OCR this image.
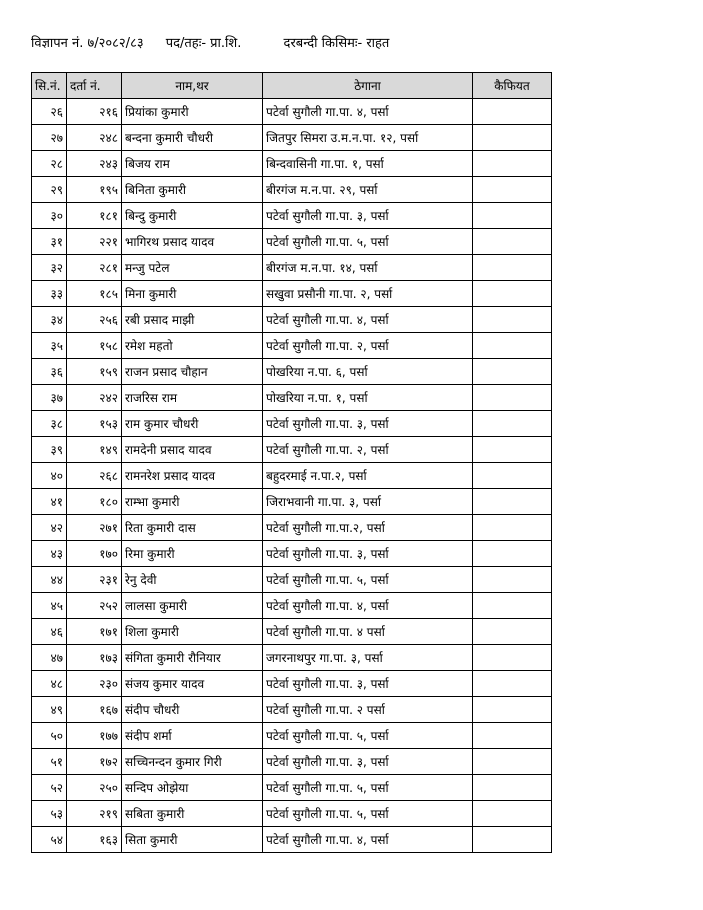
विज्ञापन नं. ७/२०८२/८३ पद/तहः- प्रा.शि.	दरबन्दी किसिमः- राहत
सि.नं.	दर्ता नं.	नाम,थर	ठेगाना	कैफियत
२६	२१६	प्रियांका कुमारी	पटेर्वा सुगौली गा.पा. ४, पर्सा	
२७	२४८	बन्दना कुमारी चौधरी	जितपुर सिमरा उ.म.न.पा. १२, पर्सा	
२८	२४३	बिजय राम	बिन्दवासिनी गा.पा. १, पर्सा	
२९	१९५	बिनिता कुमारी	बीरगंज म.न.पा. २९, पर्सा	
३०	१८१	बिन्दु कुमारी	पटेर्वा सुगौली गा.पा. ३, पर्सा	
३१	२२१	भागिरथ प्रसाद यादव	पटेर्वा सुगौली गा.पा. ५, पर्सा	
३२	२८१	मन्जु पटेल	बीरगंज म.न.पा. १४, पर्सा	
३३	१८५	मिना कुमारी	सखुवा प्रसौनी गा.पा. २, पर्सा	
३४	२५६	रबी प्रसाद माझी	पटेर्वा सुगौली गा.पा. ४, पर्सा	
३५	१५८	रमेश महतो	पटेर्वा सुगौली गा.पा. २, पर्सा	
३६	१५९	राजन प्रसाद चौहान	पोखरिया न.पा. ६, पर्सा	
३७	२४२	राजरिस राम	पोखरिया न.पा. १, पर्सा	
३८	१५३	राम कुमार चौधरी	पटेर्वा सुगौली गा.पा. ३, पर्सा	
३९	१४९	रामदेनी प्रसाद यादव	पटेर्वा सुगौली गा.पा. २, पर्सा	
४०	२६८	रामनरेश प्रसाद यादव	बहुदरमाई न.पा.२, पर्सा	
४१	१८०	राम्भा कुमारी	जिराभवानी गा.पा. ३, पर्सा	
४२	२७१	रिता कुमारी दास	पटेर्वा सुगौली गा.पा.२, पर्सा	
४३	१७०	रिमा कुमारी	पटेर्वा सुगौली गा.पा. ३, पर्सा	
४४	२३१	रेनु देवी	पटेर्वा सुगौली गा.पा. ५, पर्सा	
४५	२५२	लालसा कुमारी	पटेर्वा सुगौली गा.पा. ४, पर्सा	
४६	१७१	शिला कुमारी	पटेर्वा सुगौली गा.पा. ४ पर्सा	
४७	१७३	संगिता कुमारी रौनियार	जगरनाथपुर गा.पा. ३, पर्सा	
४८	२३०	संजय कुमार यादव	पटेर्वा सुगौली गा.पा. ३, पर्सा	
४९	१६७	संदीप चौधरी	पटेर्वा सुगौली गा.पा. २ पर्सा	
५०	१७७	संदीप शर्मा	पटेर्वा सुगौली गा.पा. ५, पर्सा	
५१	१७२	सच्चिनन्दन कुमार गिरी	पटेर्वा सुगौली गा.पा. ३, पर्सा	
५२	२५०	सन्दिप ओझेया	पटेर्वा सुगौली गा.पा. ५, पर्सा	
५३	२१९	सबिता कुमारी	पटेर्वा सुगौली गा.पा. ५, पर्सा	
५४	१६३	सिता कुमारी	पटेर्वा सुगौली गा.पा. ४, पर्सा	
